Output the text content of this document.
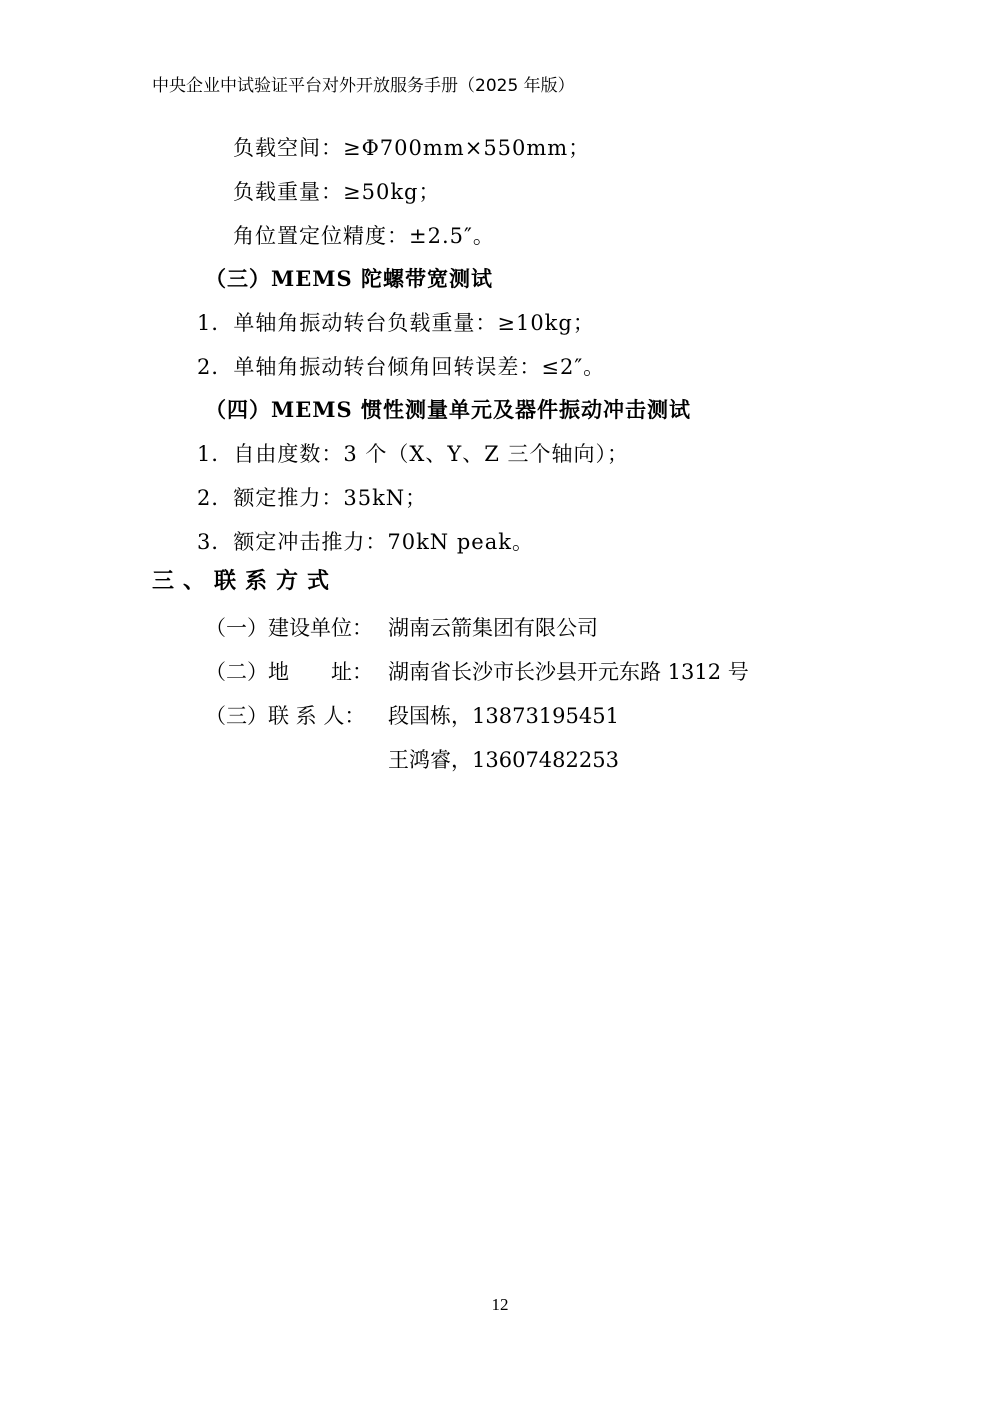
中央企业中试验证平台对外开放服务手册（2025 年版）
负载空间：≥Φ700mm×550mm；
负载重量：≥50kg；
角位置定位精度：±2.5″。
（三）MEMS 陀螺带宽测试
1．单轴角振动转台负载重量：≥10kg；
2．单轴角振动转台倾角回转误差：≤2″。
（四）MEMS 惯性测量单元及器件振动冲击测试
1．自由度数：3 个（X、Y、Z 三个轴向）；
2．额定推力：35kN；
3．额定冲击推力：70kN peak。
三、联系方式
（一）建设单位： 湖南云箭集团有限公司
（二）地　　址： 湖南省长沙市长沙县开元东路 1312 号
（三）联 系 人： 段国栋，13873195451
王鸿睿，13607482253
12
